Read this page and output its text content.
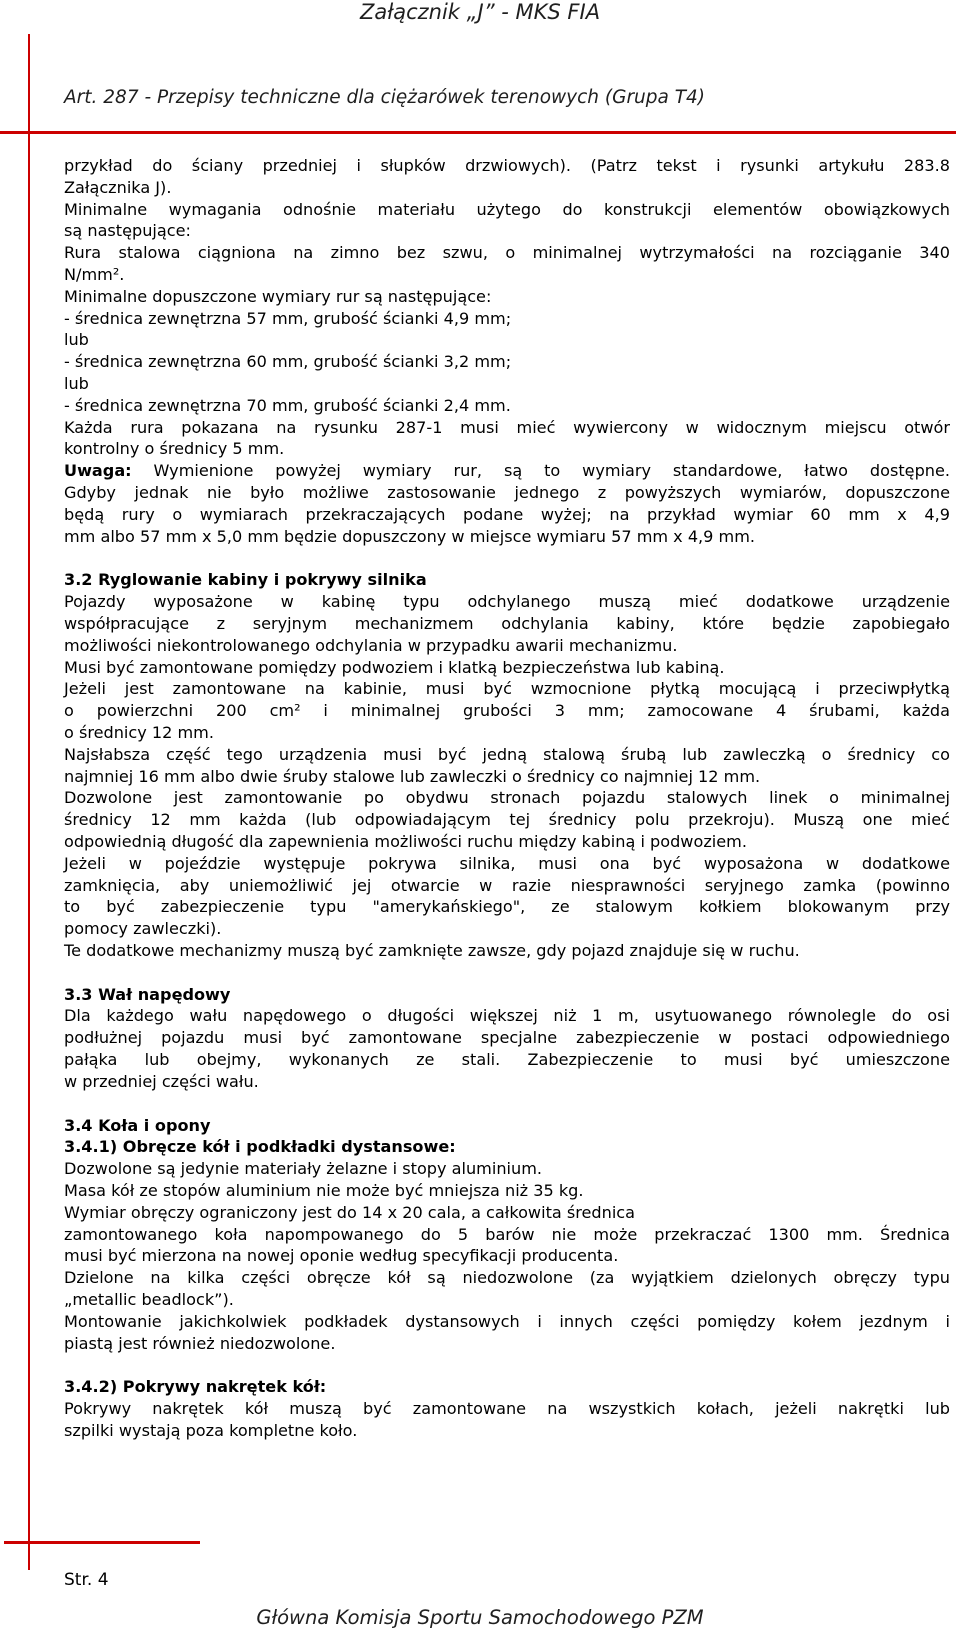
Załącznik „J” - MKS FIA
Art. 287 - Przepisy techniczne dla ciężarówek terenowych (Grupa T4)

przykład do ściany przedniej i słupków drzwiowych). (Patrz tekst i rysunki artykułu 283.8
Załącznika J).

Minimalne wymagania odnośnie materiału użytego do konstrukcji elementów obowiązkowych
są następujące:

Rura stalowa ciągniona na zimno bez szwu, o minimalnej wytrzymałości na rozciąganie 340
N/mm².

Minimalne dopuszczone wymiary rur są następujące:

- średnica zewnętrzna 57 mm, grubość ścianki 4,9 mm;
lub
- średnica zewnętrzna 60 mm, grubość ścianki 3,2 mm;
lub
- średnica zewnętrzna 70 mm, grubość ścianki 2,4 mm.

Każda rura pokazana na rysunku 287-1 musi mieć wywiercony w widocznym miejscu otwór
kontrolny o średnicy 5 mm.

Uwaga: Wymienione powyżej wymiary rur, są to wymiary standardowe, łatwo dostępne.
Gdyby jednak nie było możliwe zastosowanie jednego z powyższych wymiarów, dopuszczone
będą rury o wymiarach przekraczających podane wyżej; na przykład wymiar 60 mm x 4,9
mm albo 57 mm x 5,0 mm będzie dopuszczony w miejsce wymiaru 57 mm x 4,9 mm.

3.2 Ryglowanie kabiny i pokrywy silnika

Pojazdy wyposażone w kabinę typu odchylanego muszą mieć dodatkowe urządzenie
współpracujące z seryjnym mechanizmem odchylania kabiny, które będzie zapobiegało
możliwości niekontrolowanego odchylania w przypadku awarii mechanizmu.

Musi być zamontowane pomiędzy podwoziem i klatką bezpieczeństwa lub kabiną.

Jeżeli jest zamontowane na kabinie, musi być wzmocnione płytką mocującą i przeciwpłytką
o powierzchni 200 cm² i minimalnej grubości 3 mm; zamocowane 4 śrubami, każda
o średnicy 12 mm.

Najsłabsza część tego urządzenia musi być jedną stalową śrubą lub zawleczką o średnicy co
najmniej 16 mm albo dwie śruby stalowe lub zawleczki o średnicy co najmniej 12 mm.

Dozwolone jest zamontowanie po obydwu stronach pojazdu stalowych linek o minimalnej
średnicy 12 mm każda (lub odpowiadającym tej średnicy polu przekroju). Muszą one mieć
odpowiednią długość dla zapewnienia możliwości ruchu między kabiną i podwoziem.

Jeżeli w pojeździe występuje pokrywa silnika, musi ona być wyposażona w dodatkowe
zamknięcia, aby uniemożliwić jej otwarcie w razie niesprawności seryjnego zamka (powinno
to być zabezpieczenie typu "amerykańskiego", ze stalowym kołkiem blokowanym przy
pomocy zawleczki).

Te dodatkowe mechanizmy muszą być zamknięte zawsze, gdy pojazd znajduje się w ruchu.

3.3 Wał napędowy

Dla każdego wału napędowego o długości większej niż 1 m, usytuowanego równolegle do osi
podłużnej pojazdu musi być zamontowane specjalne zabezpieczenie w postaci odpowiedniego
pałąka lub obejmy, wykonanych ze stali. Zabezpieczenie to musi być umieszczone
w przedniej części wału.

3.4 Koła i opony

3.4.1) Obręcze kół i podkładki dystansowe:

Dozwolone są jedynie materiały żelazne i stopy aluminium.

Masa kół ze stopów aluminium nie może być mniejsza niż 35 kg.

Wymiar obręczy ograniczony jest do 14 x 20 cala, a całkowita średnica
zamontowanego koła napompowanego do 5 barów nie może przekraczać 1300 mm. Średnica
musi być mierzona na nowej oponie według specyfikacji producenta.

Dzielone na kilka części obręcze kół są niedozwolone (za wyjątkiem dzielonych obręczy typu
„metallic beadlock”).

Montowanie jakichkolwiek podkładek dystansowych i innych części pomiędzy kołem jezdnym i
piastą jest również niedozwolone.

3.4.2) Pokrywy nakrętek kół:

Pokrywy nakrętek kół muszą być zamontowane na wszystkich kołach, jeżeli nakrętki lub
szpilki wystają poza kompletne koło.

Str. 4
Główna Komisja Sportu Samochodowego PZM
